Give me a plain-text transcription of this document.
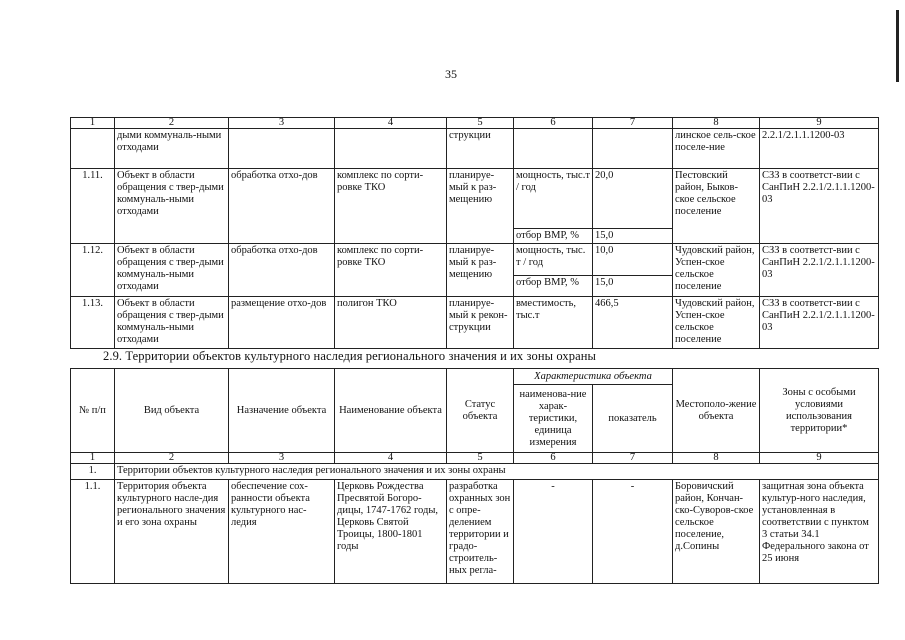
35
1	2	3	4	5	6	7	8	9
	дыми коммуналь-ными отходами			струкции			линское сель-ское поселе-ние	2.2.1/2.1.1.1200-03
1.11.	Объект в области обращения с твер-дыми коммуналь-ными отходами	обработка отхо-дов	комплекс по сорти-ровке ТКО	планируе-мый к раз-мещению	мощность, тыс.т / год	20,0	Пестовский район, Быков-ское сельское поселение	СЗЗ в соответст-вии с СанПиН 2.2.1/2.1.1.1200-03
					отбор ВМР, %	15,0		
1.12.	Объект в области обращения с твер-дыми коммуналь-ными отходами	обработка отхо-дов	комплекс по сорти-ровке ТКО	планируе-мый к раз-мещению	мощность, тыс. т / год	10,0	Чудовский район, Успен-ское сельское поселение	СЗЗ в соответст-вии с СанПиН 2.2.1/2.1.1.1200-03
					отбор ВМР, %	15,0		
1.13.	Объект в области обращения с твер-дыми коммуналь-ными отходами	размещение отхо-дов	полигон ТКО	планируе-мый к рекон-струкции	вместимость, тыс.т	466,5	Чудовский район, Успен-ское сельское поселение	СЗЗ в соответст-вии с СанПиН 2.2.1/2.1.1.1200-03
2.9. Территории объектов культурного наследия регионального значения и их зоны охраны
№ п/п	Вид объекта	Назначение объекта	Наименование объекта	Статус объекта	Характеристика объекта		Местополо-жение объекта	Зоны с особыми условиями использования территории*
					наименова-ние харак-теристики, единица измерения	показатель		
1	2	3	4	5	6	7	8	9
1.	Территории объектов культурного наследия регионального значения и их зоны охраны							
1.1.	Территория объекта культурного насле-дия регионального значения и его зона охраны	обеспечение сох-ранности объекта культурного нас-ледия	Церковь Рождества Пресвятой Богоро-дицы, 1747-1762 годы, Церковь Святой Троицы, 1800-1801 годы	разработка охранных зон с опре-делением территории и градо-строитель-ных регла-	-	-	Боровичский район, Кончан-ско-Суворов-ское сельское поселение, д.Сопины	защитная зона объекта культур-ного наследия, установленная в соответствии с пунктом 3 статьи 34.1 Федерального закона от 25 июня
